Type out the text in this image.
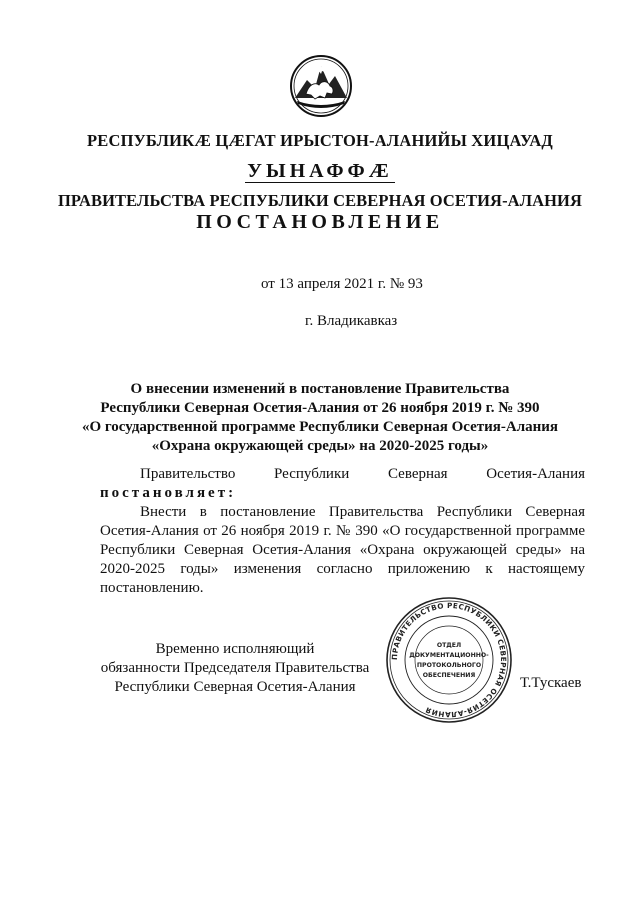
РЕСПУБЛИКÆ ЦÆГАТ ИРЫСТОН-АЛАНИЙЫ ХИЦАУАД
УЫНАФФÆ
ПРАВИТЕЛЬСТВА РЕСПУБЛИКИ СЕВЕРНАЯ ОСЕТИЯ-АЛАНИЯ
ПОСТАНОВЛЕНИЕ
от 13 апреля 2021 г. № 93
г. Владикавказ
О внесении изменений в постановление Правительства
Республики Северная Осетия-Алания от 26 ноября 2019 г. № 390
«О государственной программе Республики Северная Осетия-Алания
«Охрана окружающей среды» на 2020-2025 годы»
Правительство Республики Северная Осетия-Алания
постановляет:
Внести в постановление Правительства Республики Северная
Осетия-Алания от 26 ноября 2019 г. № 390 «О государственной программе
Республики Северная Осетия-Алания «Охрана окружающей среды» на
2020-2025 годы» изменения согласно приложению к настоящему
постановлению.
Временно исполняющий
обязанности Председателя Правительства
Республики Северная Осетия-Алания
ПРАВИТЕЛЬСТВО РЕСПУБЛИКИ СЕВЕРНАЯ ОСЕТИЯ-АЛАНИЯ
ОТДЕЛ
ДОКУМЕНТАЦИОННО-
ПРОТОКОЛЬНОГО
ОБЕСПЕЧЕНИЯ	Т.Тускаев
